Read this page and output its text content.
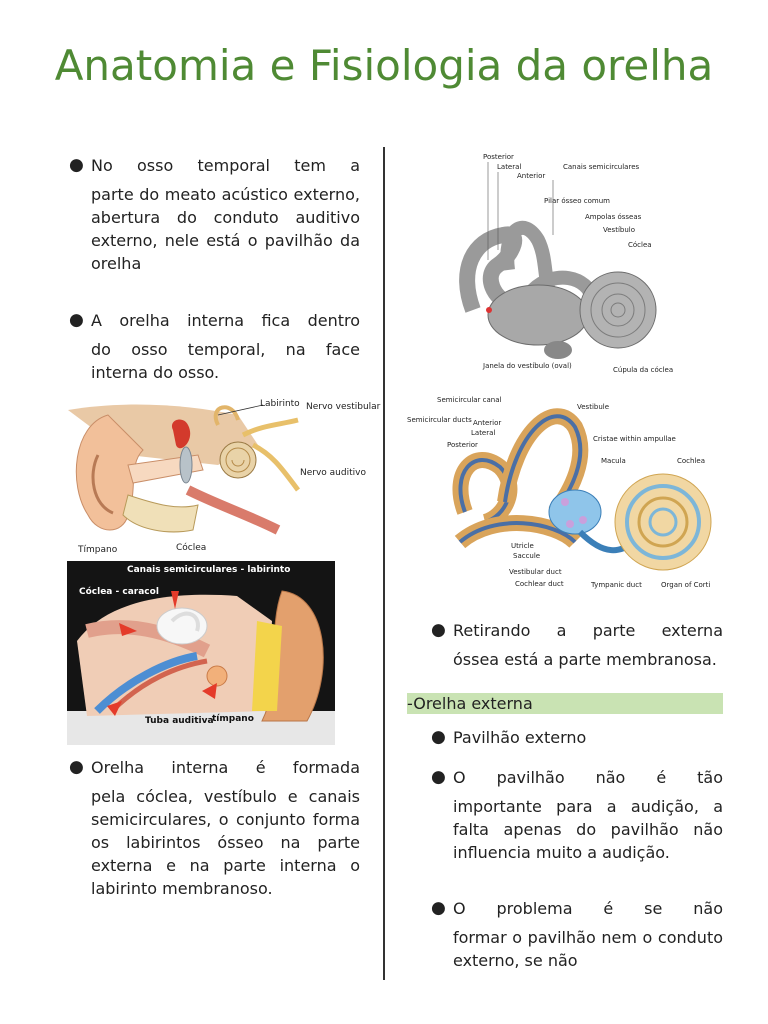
Anatomia e Fisiologia da orelha
● No osso temporal tem a
parte do meato acústico externo, abertura do conduto auditivo externo, nele está o pavilhão da orelha
● A orelha interna fica dentro
do osso temporal, na face interna do osso.
Labirinto Nervo vestibular
Nervo auditivo
Tímpano	Cóclea
Canais semicirculares - labirinto
Cóclea - caracol
Tuba auditiva
tímpano
● Orelha interna é formada
pela cóclea, vestíbulo e canais semicirculares, o conjunto forma os labirintos ósseo na parte externa e na parte interna o labirinto membranoso.
Posterior
Lateral
Anterior
Canais semicirculares
Pilar ósseo comum
Ampolas ósseas
Vestíbulo
Cóclea
Janela do vestíbulo (oval)	Cúpula da cóclea
Semicircular canal
Vestibule
Semicircular ducts Anterior
Lateral
Posterior
Cristae within ampullae
Macula	Cochlea
Utricle
Saccule
Vestibular duct
Cochlear duct	Tympanic duct	Organ of Corti
● Retirando a parte externa
óssea está a parte membranosa.
-Orelha externa
● Pavilhão externo
● O pavilhão não é tão
importante para a audição, a falta apenas do pavilhão não influencia muito a audição.
● O problema é se não
formar o pavilhão nem o conduto externo, se não
